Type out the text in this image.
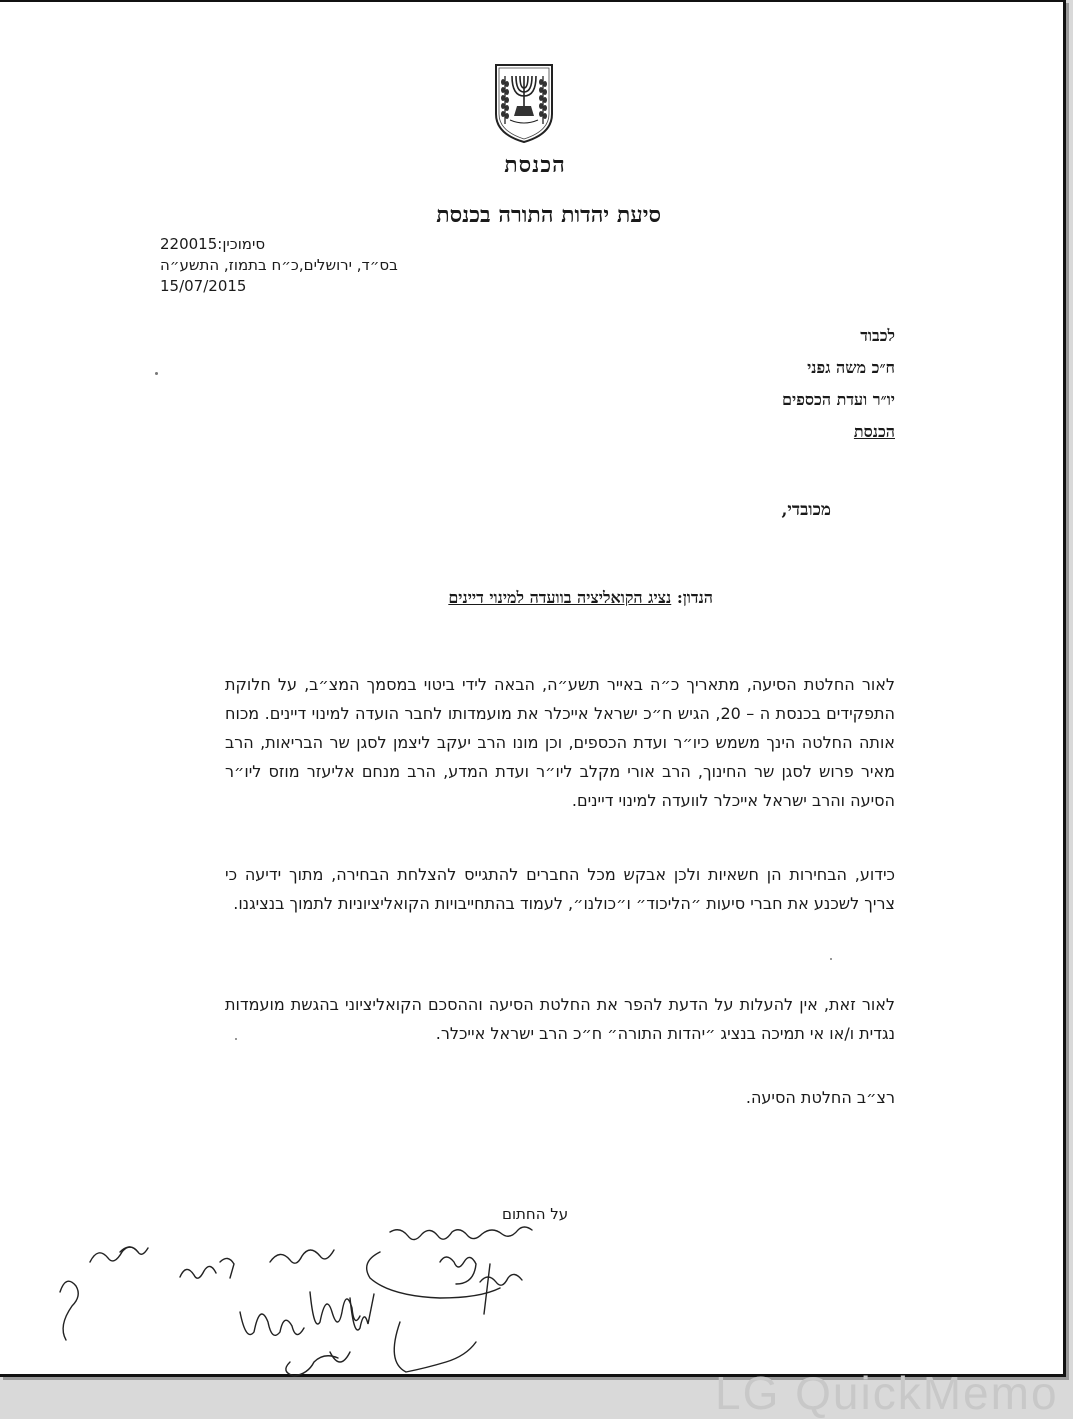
הכנסת
סיעת יהדות התורה בכנסת
סימוכין:220015
בס״ד, ירושלים,כ״ח בתמוז, התשע״ה
15/07/2015
לכבוד
ח״כ משה גפני
יו״ר ועדת הכספים
הכנסת
מכובדי,
הנדון: נציג הקואליציה בוועדה למינוי דיינים
לאור החלטת הסיעה, מתאריך כ״ה באייר תשע״ה, הבאה לידי ביטוי במסמך המצ״ב, על חלוקת התפקידים בכנסת ה – 20, הגיש ח״כ ישראל אייכלר את מועמדותו לחבר הועדה למינוי דיינים. מכוח אותה החלטה הינך משמש כיו״ר ועדת הכספים, וכן מונו הרב יעקב ליצמן לסגן שר הבריאות, הרב מאיר פרוש לסגן שר החינוך, הרב אורי מקלב ליו״ר ועדת המדע, הרב מנחם אליעזר מוזס ליו״ר הסיעה והרב ישראל אייכלר לוועדה למינוי דיינים.
כידוע, הבחירות הן חשאיות ולכן אבקש מכל החברים להתגייס להצלחת הבחירה, מתוך ידיעה כי צריך לשכנע את חברי סיעות ״הליכוד״ ו״כולנו״, לעמוד בהתחייבויות הקואליציוניות לתמוך בנציגנו.
לאור זאת, אין להעלות על הדעת להפר את החלטת הסיעה וההסכם הקואליציוני בהגשת מועמדות נגדית ו/או אי תמיכה בנציג ״יהדות התורה״ ח״כ הרב ישראל אייכלר.
רצ״ב החלטת הסיעה.
על החתום
LG QuickMemo
